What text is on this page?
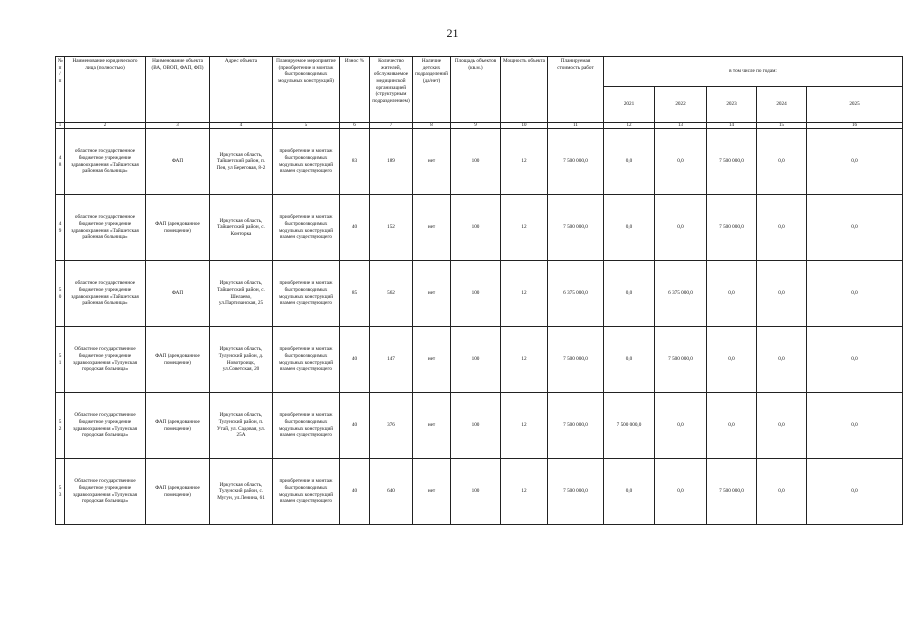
21
№ п/п	Наименование юридического лица (полностью)	Наименование объекта (ВА, ОВОП, ФАП, ФП)	Адрес объекта	Планируемое мероприятие (приобретение и монтаж быстровозводимых модульных конструкций)	Износ %	Количество жителей, обслуживаемое медицинской организацией (структурным подразделением)	Наличие детских подразделений (да/нет)	Площадь объектов (кв.м.)	Мощность объекта	Планируемая стоимость работ	в том числе по годам:				
											2021	2022	2023	2024	2025
1	2	3	4	5	6	7	8	9	10	11	12	13	14	15	16
48	областное государственное бюджетное учреждение здравоохранения «Тайшетская районная больница»	ФАП	Иркутская область, Тайшетский район, п. Пея, ул Береговая, 8-2	приобретение и монтаж быстровозводимых модульных конструкций взамен существующего	83	189	нет	100	12	7 500 000,0	0,0	0,0	7 500 000,0	0,0	0,0
49	областное государственное бюджетное учреждение здравоохранения «Тайшетская районная больница»	ФАП (арендованное помещение)	Иркутская область, Тайшетский район, с. Конторка	приобретение и монтаж быстровозводимых модульных конструкций взамен существующего	40	152	нет	100	12	7 500 000,0	0,0	0,0	7 500 000,0	0,0	0,0
50	областное государственное бюджетное учреждение здравоохранения «Тайшетская районная больница»	ФАП	Иркутская область, Тайшетский район, с. Шелаево, ул.Партизанская, 25	приобретение и монтаж быстровозводимых модульных конструкций взамен существующего	85	562	нет	100	12	6 375 000,0	0,0	6 375 000,0	0,0	0,0	0,0
51	Областное государственное бюджетное учреждение здравоохранения «Тулунская городская больница»	ФАП (арендованное помещение)	Иркутская область, Тулунский район, д. Новотроицк, ул.Советская, 20	приобретение и монтаж быстровозводимых модульных конструкций взамен существующего	40	147	нет	100	12	7 500 000,0	0,0	7 500 000,0	0,0	0,0	0,0
52	Областное государственное бюджетное учреждение здравоохранения «Тулунская городская больница»	ФАП (арендованное помещение)	Иркутская область, Тулунский район, п. Утай, ул. Садовая, ул. 25А	приобретение и монтаж быстровозводимых модульных конструкций взамен существующего	40	376	нет	100	12	7 500 000,0	7 500 000,0	0,0	0,0	0,0	0,0
53	Областное государственное бюджетное учреждение здравоохранения «Тулунская городская больница»	ФАП (арендованное помещение)	Иркутская область, Тулунский район, с. Мугун, ул.Ленина, 61	приобретение и монтаж быстровозводимых модульных конструкций взамен существующего	40	640	нет	100	12	7 500 000,0	0,0	0,0	7 500 000,0	0,0	0,0
